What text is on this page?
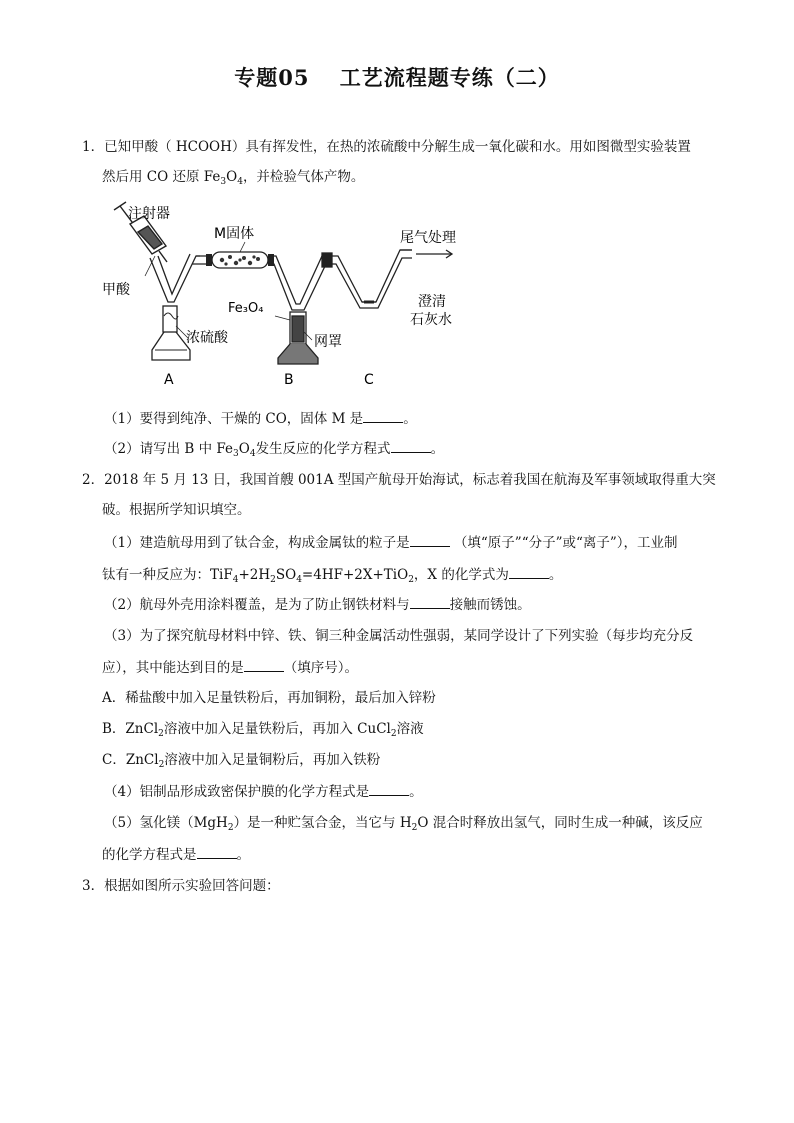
专题05　 工艺流程题专练（二）
1．已知甲酸（ HCOOH）具有挥发性，在热的浓硫酸中分解生成一氧化碳和水。用如图微型实验装置
然后用 CO 还原 $Fe_3O_4$，并检验气体产物。
注射器
M固体	尾气处理
甲酸
Fe₃O₄	澄清
石灰水
浓硫酸	网罩
A	B	C
（1）要得到纯净、干燥的 CO，固体 M 是	。
（2）请写出 B 中 $Fe_3O_4$发生反应的化学方程式	。
2．2018 年 5 月 13 日，我国首艘 001A 型国产航母开始海试，标志着我国在航海及军事领域取得重大突
破。根据所学知识填空。
（1）建造航母用到了钛合金，构成金属钛的粒子是	（填“原子”“分子”或“离子”），工业制
钛有一种反应为：$TiF_4+2H_2SO_4=4HF+2X+TiO_2$，X 的化学式为	。
（2）航母外壳用涂料覆盖，是为了防止钢铁材料与	接触而锈蚀。
（3）为了探究航母材料中锌、铁、铜三种金属活动性强弱，某同学设计了下列实验（每步均充分反
应），其中能达到目的是	（填序号）。
A．稀盐酸中加入足量铁粉后，再加铜粉，最后加入锌粉
B．ZnCl$_2$溶液中加入足量铁粉后，再加入 CuCl$_2$溶液
C．ZnCl$_2$溶液中加入足量铜粉后，再加入铁粉
（4）铝制品形成致密保护膜的化学方程式是	。
（5）氢化镁（MgH$_2$）是一种贮氢合金，当它与 $H_2O$ 混合时释放出氢气，同时生成一种碱，该反应
的化学方程式是	。
3．根据如图所示实验回答问题：
